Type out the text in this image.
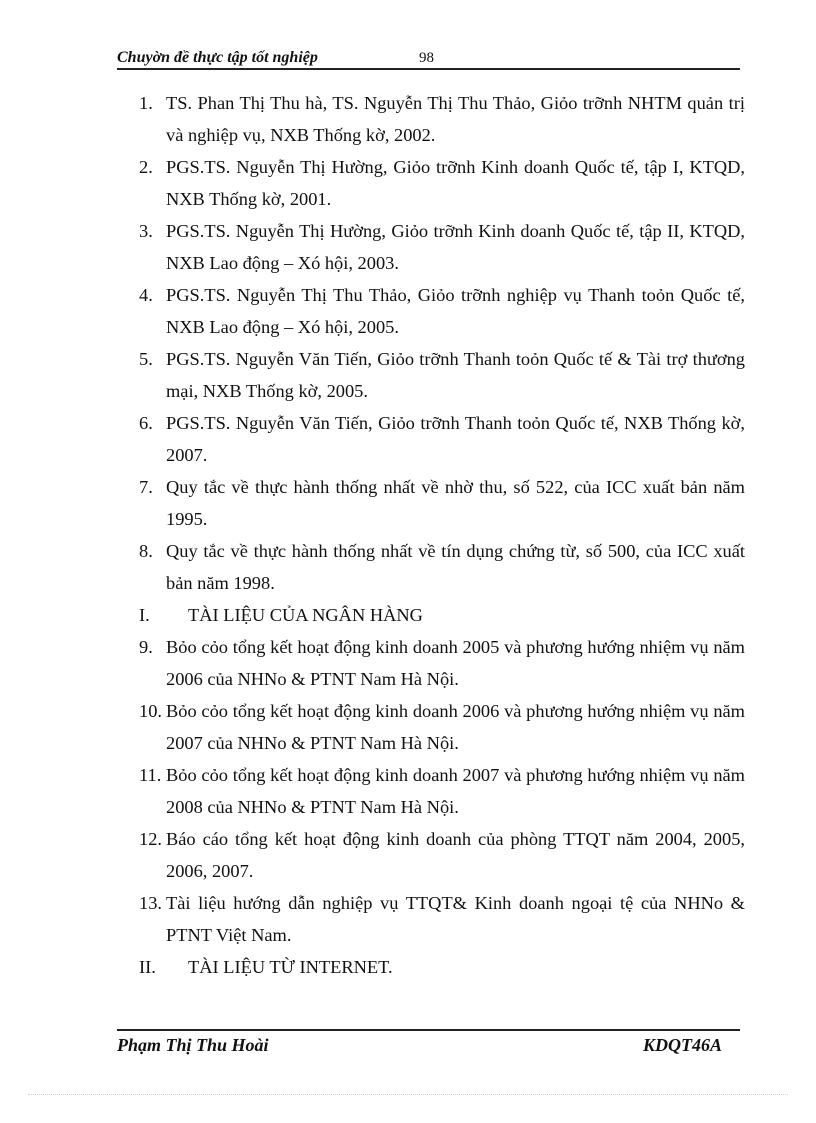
Chuyờn đề thực tập tốt nghiệp	98
1. TS. Phan Thị Thu hà, TS. Nguyễn Thị Thu Thảo, Giỏo trỡnh NHTM quản trị và nghiệp vụ, NXB Thống kờ, 2002.
2. PGS.TS. Nguyễn Thị Hường, Giỏo trỡnh Kinh doanh Quốc tế, tập I, KTQD, NXB Thống kờ, 2001.
3. PGS.TS. Nguyễn Thị Hường, Giỏo trỡnh Kinh doanh Quốc tế, tập II, KTQD, NXB Lao động – Xó hội, 2003.
4. PGS.TS. Nguyễn Thị Thu Thảo, Giỏo trỡnh nghiệp vụ Thanh toỏn Quốc tế, NXB Lao động – Xó hội, 2005.
5. PGS.TS. Nguyễn Văn Tiến, Giỏo trỡnh Thanh toỏn Quốc tế & Tài trợ thương mại, NXB Thống kờ, 2005.
6. PGS.TS. Nguyễn Văn Tiến, Giỏo trỡnh Thanh toỏn Quốc tế, NXB Thống kờ, 2007.
7. Quy tắc về thực hành thống nhất về nhờ thu, số 522, của ICC xuất bản năm 1995.
8. Quy tắc về thực hành thống nhất về tín dụng chứng từ, số 500, của ICC xuất bản năm 1998.
I. TÀI LIỆU CỦA NGÂN HÀNG
9. Bỏo cỏo tổng kết hoạt động kinh doanh 2005 và phương hướng nhiệm vụ năm 2006 của NHNo & PTNT Nam Hà Nội.
10. Bỏo cỏo tổng kết hoạt động kinh doanh 2006 và phương hướng nhiệm vụ năm 2007 của NHNo & PTNT Nam Hà Nội.
11. Bỏo cỏo tổng kết hoạt động kinh doanh 2007 và phương hướng nhiệm vụ năm 2008 của NHNo & PTNT Nam Hà Nội.
12. Báo cáo tổng kết hoạt động kinh doanh của phòng TTQT năm 2004, 2005, 2006, 2007.
13. Tài liệu hướng dẫn nghiệp vụ TTQT& Kinh doanh ngoại tệ của NHNo & PTNT Việt Nam.
II. TÀI LIỆU TỪ INTERNET.
Phạm Thị Thu Hoài	KDQT46A
